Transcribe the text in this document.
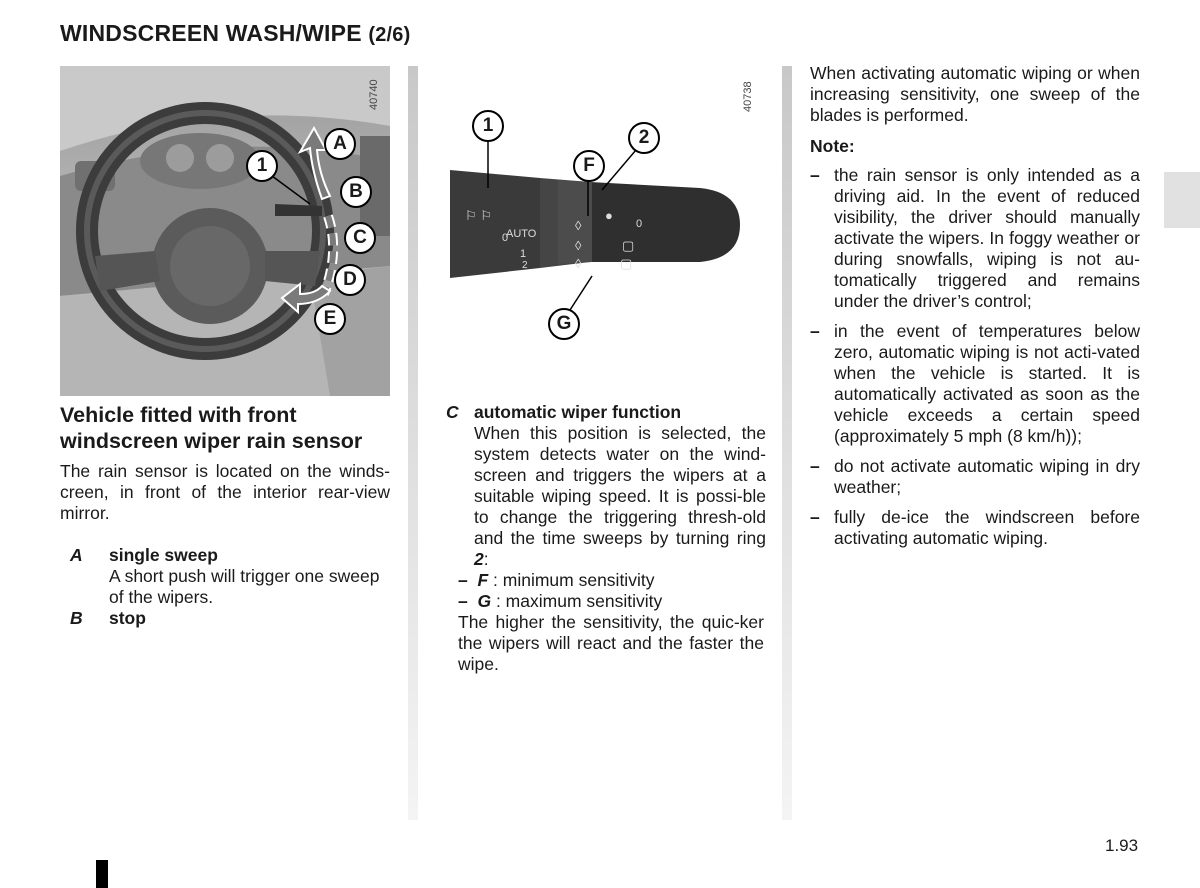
WINDSCREEN WASH/WIPE (2/6)
1
A
B
C
D
E
40740
⚐ ⚐
◊
◊
◊
●
▢
▢
0
AUTO
1
2
0
1
2
F
G
40738
Vehicle fitted with front windscreen wiper rain sensor
The rain sensor is located on the winds-creen, in front of the interior rear-view mirror.
A single sweep
A short push will trigger one sweep of the wipers.
B stop
C automatic wiper function
When this position is selected, the system detects water on the wind-screen and triggers the wipers at a suitable wiping speed. It is possi-ble to change the triggering thresh-old and the time sweeps by turning ring 2:
– F : minimum sensitivity
– G : maximum sensitivity
The higher the sensitivity, the quic-ker the wipers will react and the faster the wipe.
When activating automatic wiping or when increasing sensitivity, one sweep of the blades is performed.
Note:
– the rain sensor is only intended as a driving aid. In the event of reduced visibility, the driver should manually activate the wipers. In foggy weather or during snowfalls, wiping is not au-tomatically triggered and remains under the driver’s control;
– in the event of temperatures below zero, automatic wiping is not acti-vated when the vehicle is started. It is automatically activated as soon as the vehicle exceeds a certain speed (approximately 5 mph (8 km/h));
– do not activate automatic wiping in dry weather;
– fully de-ice the windscreen before activating automatic wiping.
1.93
